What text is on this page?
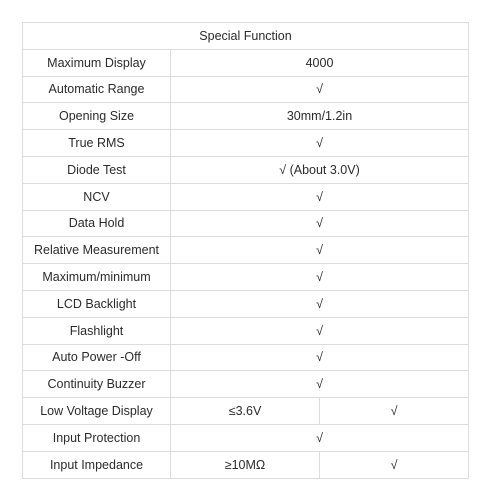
Special Function		
Maximum Display	4000	
Automatic Range	√	
Opening Size	30mm/1.2in	
True RMS	√	
Diode Test	√ (About 3.0V)	
NCV	√	
Data Hold	√	
Relative Measurement	√	
Maximum/minimum	√	
LCD Backlight	√	
Flashlight	√	
Auto Power -Off	√	
Continuity Buzzer	√	
Low Voltage Display	≤3.6V	√
Input Protection	√	
Input Impedance	≥10MΩ	√
